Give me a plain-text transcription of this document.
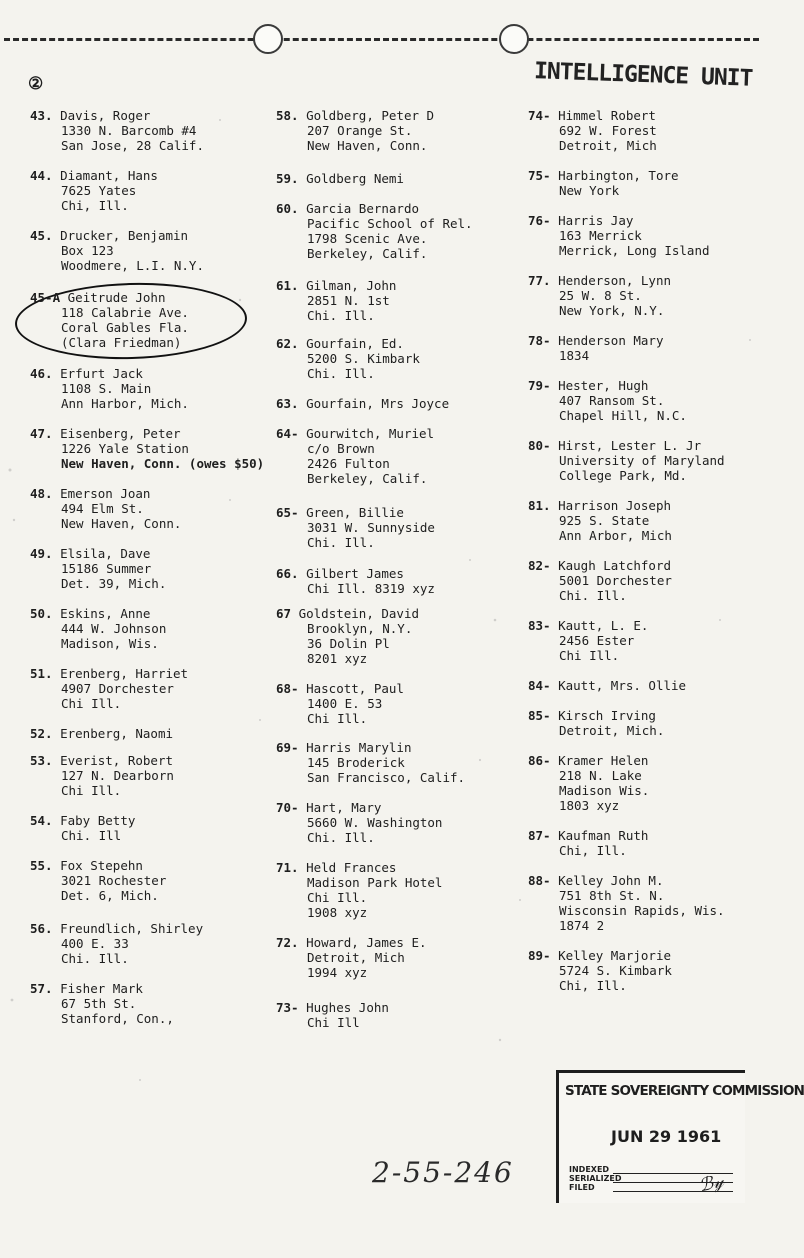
②	INTELLIGENCE UNIT
43. Davis, Roger
1330 N. Barcomb #4
San Jose, 28 Calif.
44. Diamant, Hans
7625 Yates
Chi, Ill.
45. Drucker, Benjamin
Box 123
Woodmere, L.I. N.Y.
45-A Geitrude John
118 Calabrie Ave.
Coral Gables Fla.
(Clara Friedman)
46. Erfurt Jack
1108 S. Main
Ann Harbor, Mich.
47. Eisenberg, Peter
1226 Yale Station
New Haven, Conn. (owes $50)
48. Emerson Joan
494 Elm St.
New Haven, Conn.
49. Elsila, Dave
15186 Summer
Det. 39, Mich.
50. Eskins, Anne
444 W. Johnson
Madison, Wis.
51. Erenberg, Harriet
4907 Dorchester
Chi Ill.
52. Erenberg, Naomi
53. Everist, Robert
127 N. Dearborn
Chi Ill.
54. Faby Betty
Chi. Ill
55. Fox Stepehn
3021 Rochester
Det. 6, Mich.
56. Freundlich, Shirley
400 E. 33
Chi. Ill.
57. Fisher Mark
67 5th St.
Stanford, Con.,
58. Goldberg, Peter D
207 Orange St.
New Haven, Conn.
59. Goldberg Nemi
60. Garcia Bernardo
Pacific School of Rel.
1798 Scenic Ave.
Berkeley, Calif.
61. Gilman, John
2851 N. 1st
Chi. Ill.
62. Gourfain, Ed.
5200 S. Kimbark
Chi. Ill.
63. Gourfain, Mrs Joyce
64- Gourwitch, Muriel
c/o Brown
2426 Fulton
Berkeley, Calif.
65- Green, Billie
3031 W. Sunnyside
Chi. Ill.
66. Gilbert James
Chi Ill. 8319 xyz
67 Goldstein, David
Brooklyn, N.Y.
36 Dolin Pl
8201 xyz
68- Hascott, Paul
1400 E. 53
Chi Ill.
69- Harris Marylin
145 Broderick
San Francisco, Calif.
70- Hart, Mary
5660 W. Washington
Chi. Ill.
71. Held Frances
Madison Park Hotel
Chi Ill.
1908 xyz
72. Howard, James E.
Detroit, Mich
1994 xyz
73- Hughes John
Chi Ill
74- Himmel Robert
692 W. Forest
Detroit, Mich
75- Harbington, Tore
New York
76- Harris Jay
163 Merrick
Merrick, Long Island
77. Henderson, Lynn
25 W. 8 St.
New York, N.Y.
78- Henderson Mary
1834
79- Hester, Hugh
407 Ransom St.
Chapel Hill, N.C.
80- Hirst, Lester L. Jr
University of Maryland
College Park, Md.
81. Harrison Joseph
925 S. State
Ann Arbor, Mich
82- Kaugh Latchford
5001 Dorchester
Chi. Ill.
83- Kautt, L. E.
2456 Ester
Chi Ill.
84- Kautt, Mrs. Ollie
85- Kirsch Irving
Detroit, Mich.
86- Kramer Helen
218 N. Lake
Madison Wis.
1803 xyz
87- Kaufman Ruth
Chi, Ill.
88- Kelley John M.
751 8th St. N.
Wisconsin Rapids, Wis.
1874 2
89- Kelley Marjorie
5724 S. Kimbark
Chi, Ill.
2-55-246
STATE SOVEREIGNTY COMMISSION
JUN 29 1961
INDEXED
SERIALIZED
FILED	ℬ𝓎
